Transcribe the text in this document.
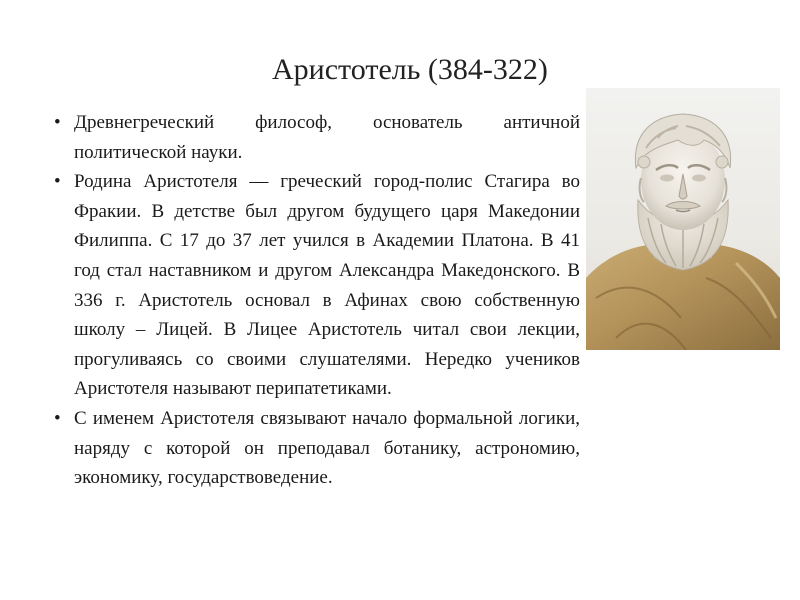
Аристотель (384-322)
• Древнегреческий философ, основатель античной политической науки.
• Родина Аристотеля — греческий город-полис Стагира во Фракии. В детстве был другом будущего царя Македонии Филиппа. С 17 до 37 лет учился в Академии Платона. В 41 год стал наставником и другом Александра Македонского. В 336 г. Аристотель основал в Афинах свою собственную школу – Лицей. В Лицее Аристотель читал свои лекции, прогуливаясь со своими слушателями. Нередко учеников Аристотеля называют перипатетиками.
• С именем Аристотеля связывают начало формальной логики, наряду с которой он преподавал ботанику, астрономию, экономику, государствоведение.
